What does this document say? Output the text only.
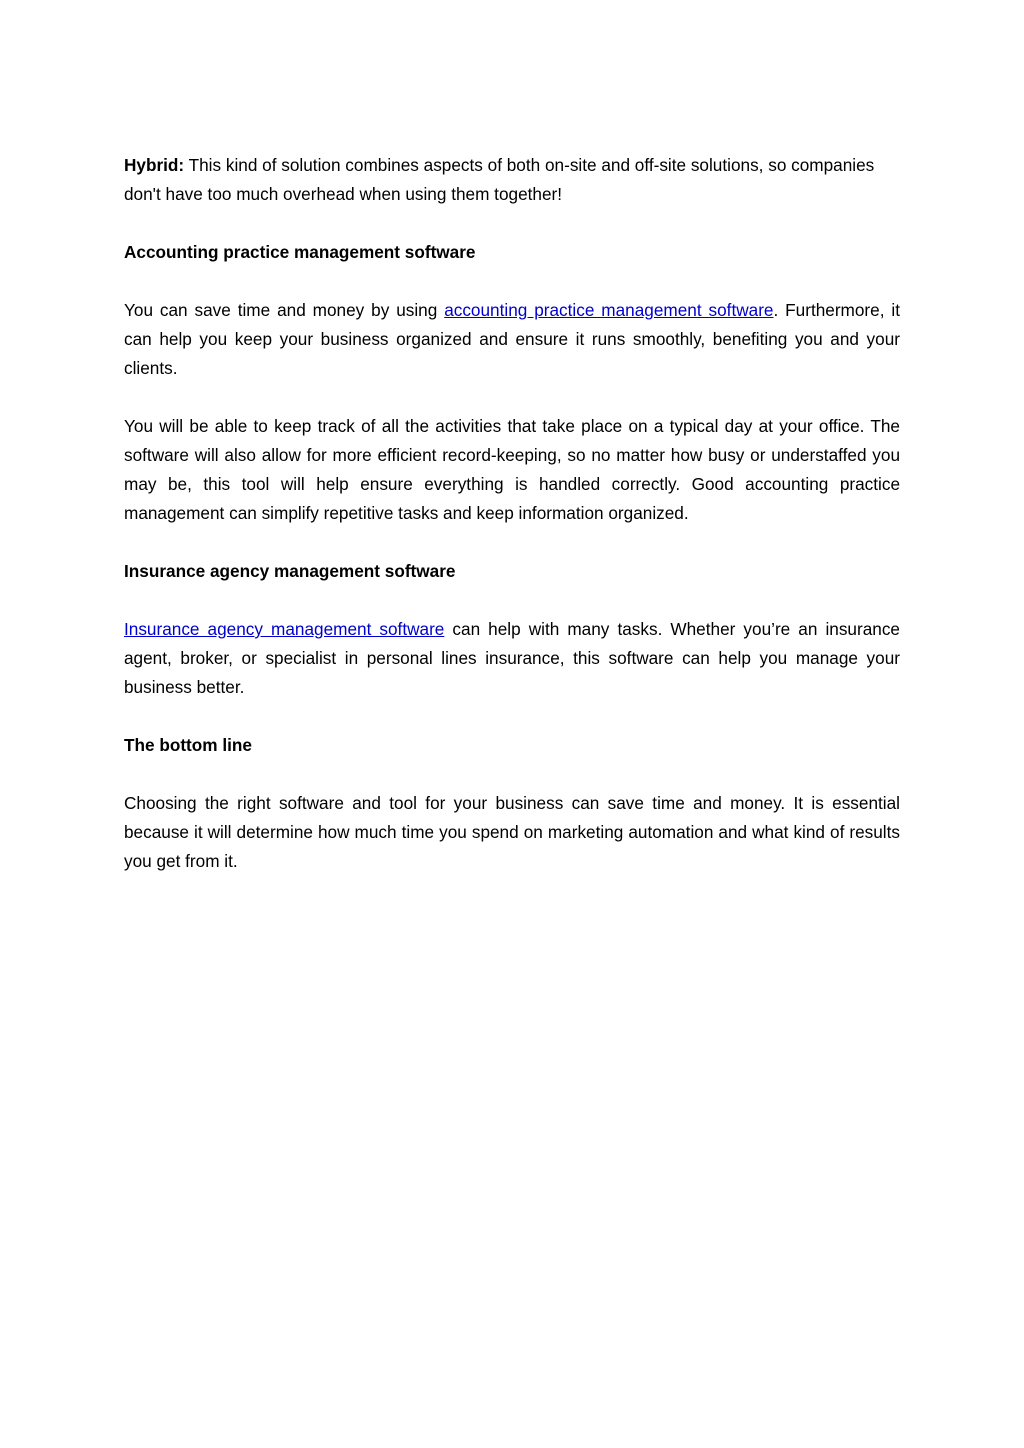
Hybrid: This kind of solution combines aspects of both on-site and off-site solutions, so companies don't have too much overhead when using them together!

Accounting practice management software

You can save time and money by using accounting practice management software. Furthermore, it can help you keep your business organized and ensure it runs smoothly, benefiting you and your clients.

You will be able to keep track of all the activities that take place on a typical day at your office. The software will also allow for more efficient record-keeping, so no matter how busy or understaffed you may be, this tool will help ensure everything is handled correctly. Good accounting practice management can simplify repetitive tasks and keep information organized.

Insurance agency management software

Insurance agency management software can help with many tasks. Whether you’re an insurance agent, broker, or specialist in personal lines insurance, this software can help you manage your business better.

The bottom line

Choosing the right software and tool for your business can save time and money. It is essential because it will determine how much time you spend on marketing automation and what kind of results you get from it.
